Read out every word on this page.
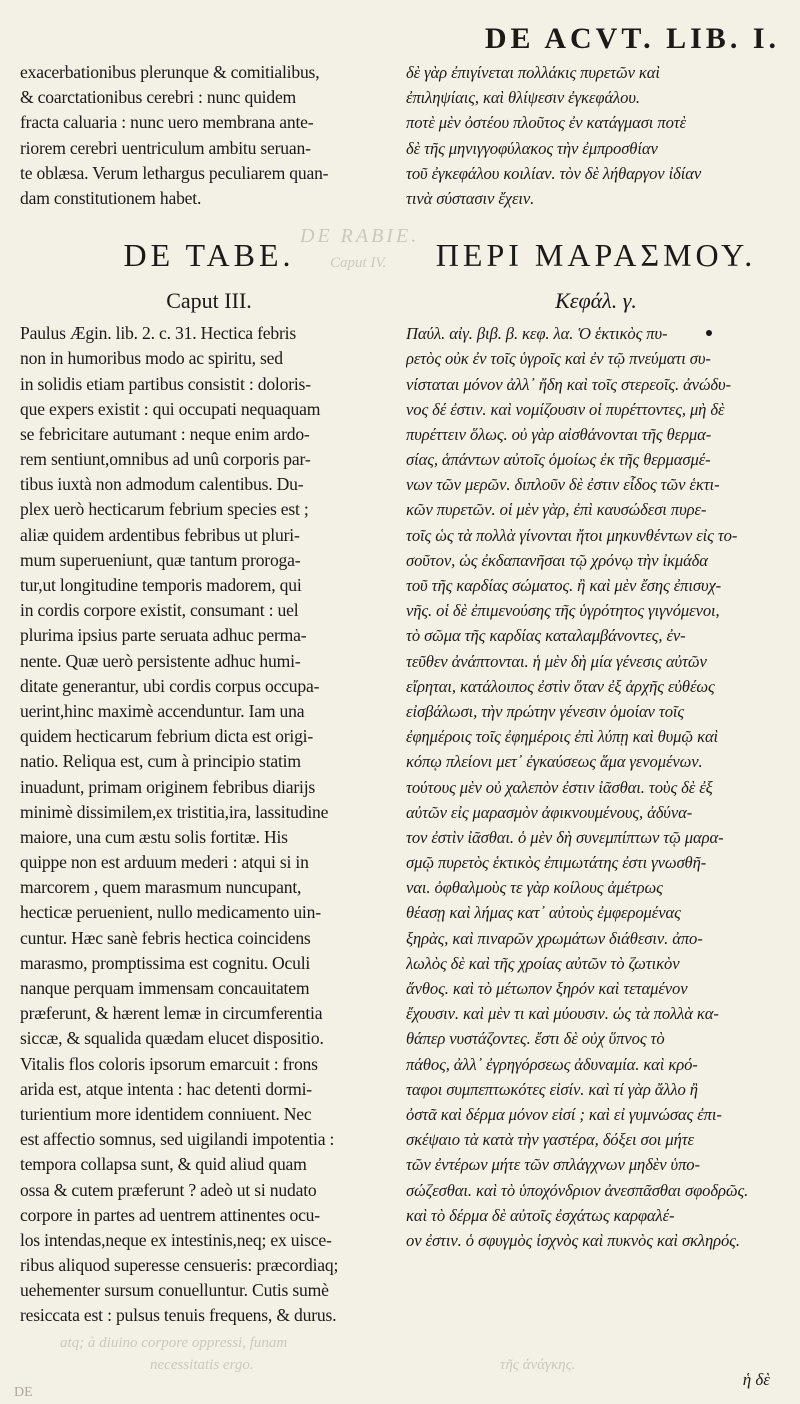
DE ACVT. LIB. I.
DE RABIE.
Caput IV.
atq; à diuino corpore oppressi, funam
necessitatis ergo.	τῆς ἀνάγκης.
DE
exacerbationibus plerunque & comitialibus,
& coarctationibus cerebri : nunc quidem
fracta caluaria : nunc uero membrana ante-
riorem cerebri uentriculum ambitu seruan-
te oblæsa. Verum lethargus peculiarem quan-
dam constitutionem habet.
DE TABE.
Caput III.
Paulus Ægin. lib. 2. c. 31. Hectica febris
non in humoribus modo ac spiritu, sed
in solidis etiam partibus consistit : doloris-
que expers existit : qui occupati nequaquam
se febricitare autumant : neque enim ardo-
rem sentiunt,omnibus ad unû corporis par-
tibus iuxtà non admodum calentibus. Du-
plex uerò hecticarum febrium species est ;
aliæ quidem ardentibus febribus ut pluri-
mum superueniunt, quæ tantum proroga-
tur,ut longitudine temporis madorem, qui
in cordis corpore existit, consumant : uel
plurima ipsius parte seruata adhuc perma-
nente. Quæ uerò persistente adhuc humi-
ditate generantur, ubi cordis corpus occupa-
uerint,hinc maximè accenduntur. Iam una
quidem hecticarum febrium dicta est origi-
natio. Reliqua est, cum à principio statim
inuadunt, primam originem febribus diarijs
minimè dissimilem,ex tristitia,ira, lassitudine
maiore, una cum æstu solis fortitæ. His
quippe non est arduum mederi : atqui si in
marcorem , quem marasmum nuncupant,
hecticæ peruenient, nullo medicamento uin-
cuntur. Hæc sanè febris hectica coincidens
marasmo, promptissima est cognitu. Oculi
nanque perquam immensam concauitatem
præferunt, & hærent lemæ in circumferentia
siccæ, & squalida quædam elucet dispositio.
Vitalis flos coloris ipsorum emarcuit : frons
arida est, atque intenta : hac detenti dormi-
turientium more identidem conniuent. Nec
est affectio somnus, sed uigilandi impotentia :
tempora collapsa sunt, & quid aliud quam
ossa & cutem præferunt ? adeò ut si nudato
corpore in partes ad uentrem attinentes ocu-
los intendas,neque ex intestinis,neq; ex uisce-
ribus aliquod superesse censueris: præcordiaq;
uehementer sursum conuelluntur. Cutis sumè
resiccata est : pulsus tenuis frequens, & durus.
δὲ γὰρ ἐπιγίνεται πολλάκις πυρετῶν καὶ
ἐπιληψίαις, καὶ θλίψεσιν ἐγκεφάλου.
ποτὲ μὲν ὀστέου πλοῦτος ἐν κατάγμασι ποτὲ
δὲ τῆς μηνιγγοφύλακος τὴν ἐμπροσθίαν
τοῦ ἐγκεφάλου κοιλίαν. τὸν δὲ λήθαργον ἰδίαν
τινὰ σύστασιν ἔχειν.
ΠΕΡΙ ΜΑΡΑΣΜΟΥ.
Κεφάλ. γ.
Παύλ. αἰγ. βιβ. β. κεφ. λα. Ὁ ἑκτικὸς πυ-
ρετὸς οὐκ ἐν τοῖς ὑγροῖς καὶ ἐν τῷ πνεύματι συ-
νίσταται μόνον ἀλλ᾽ ἤδη καὶ τοῖς στερεοῖς. ἀνώδυ-
νος δέ ἐστιν. καὶ νομίζουσιν οἱ πυρέττοντες, μὴ δὲ
πυρέττειν ὅλως. οὐ γὰρ αἰσθάνονται τῆς θερμα-
σίας, ἁπάντων αὐτοῖς ὁμοίως ἐκ τῆς θερμασμέ-
νων τῶν μερῶν. διπλοῦν δὲ ἐστιν εἶδος τῶν ἑκτι-
κῶν πυρετῶν. οἱ μὲν γὰρ, ἐπὶ καυσώδεσι πυρε-
τοῖς ὡς τὰ πολλὰ γίνονται ἤτοι μηκυνθέντων εἰς το-
σοῦτον, ὡς ἐκδαπανῆσαι τῷ χρόνῳ τὴν ἰκμάδα
τοῦ τῆς καρδίας σώματος. ἢ καὶ μὲν ἔσης ἐπισυχ-
νῆς. οἱ δὲ ἐπιμενούσης τῆς ὑγρότητος γιγνόμενοι,
τὸ σῶμα τῆς καρδίας καταλαμβάνοντες, ἐν-
τεῦθεν ἀνάπτονται. ἡ μὲν δὴ μία γένεσις αὐτῶν
εἴρηται, κατάλοιπος ἐστὶν ὅταν ἐξ ἀρχῆς εὐθέως
εἰσβάλωσι, τὴν πρώτην γένεσιν ὁμοίαν τοῖς
ἐφημέροις τοῖς ἐφημέροις ἐπὶ λύπῃ καὶ θυμῷ καὶ
κόπῳ πλείονι μετ᾽ ἐγκαύσεως ἅμα γενομένων.
τούτους μὲν οὐ χαλεπὸν ἐστιν ἰᾶσθαι. τοὺς δὲ ἐξ
αὐτῶν εἰς μαρασμὸν ἀφικνουμένους, ἀδύνα-
τον ἐστὶν ἰᾶσθαι. ὁ μὲν δὴ συνεμπίπτων τῷ μαρα-
σμῷ πυρετὸς ἑκτικὸς ἐπιμωτάτης ἐστι γνωσθῆ-
ναι. ὀφθαλμοὺς τε γὰρ κοίλους ἀμέτρως
θέασῃ καὶ λήμας κατ᾽ αὐτοὺς ἐμφερομένας
ξηρὰς, καὶ πιναρῶν χρωμάτων διάθεσιν. ἀπο-
λωλὸς δὲ καὶ τῆς χροίας αὐτῶν τὸ ζωτικὸν
ἄνθος. καὶ τὸ μέτωπον ξηρόν καὶ τεταμένον
ἔχουσιν. καὶ μὲν τι καὶ μύουσιν. ὡς τὰ πολλὰ κα-
θάπερ νυστάζοντες. ἔστι δὲ οὐχ ὕπνος τὸ
πάθος, ἀλλ᾽ ἐγρηγόρσεως ἀδυναμία. καὶ κρό-
ταφοι συμπεπτωκότες εἰσίν. καὶ τί γὰρ ἄλλο ἢ
ὀστᾶ καὶ δέρμα μόνον εἰσί ; καὶ εἰ γυμνώσας ἐπι-
σκέψαιο τὰ κατὰ τὴν γαστέρα, δόξει σοι μήτε
τῶν ἐντέρων μήτε τῶν σπλάγχνων μηδὲν ὑπο-
σώζεσθαι. καὶ τὸ ὑποχόνδριον ἀνεσπᾶσθαι σφοδρῶς.
καὶ τὸ δέρμα δὲ αὐτοῖς ἐσχάτως καρφαλέ-
ον ἐστιν. ὁ σφυγμὸς ἰσχνὸς καὶ πυκνὸς καὶ σκληρός.
ἡ δὲ
